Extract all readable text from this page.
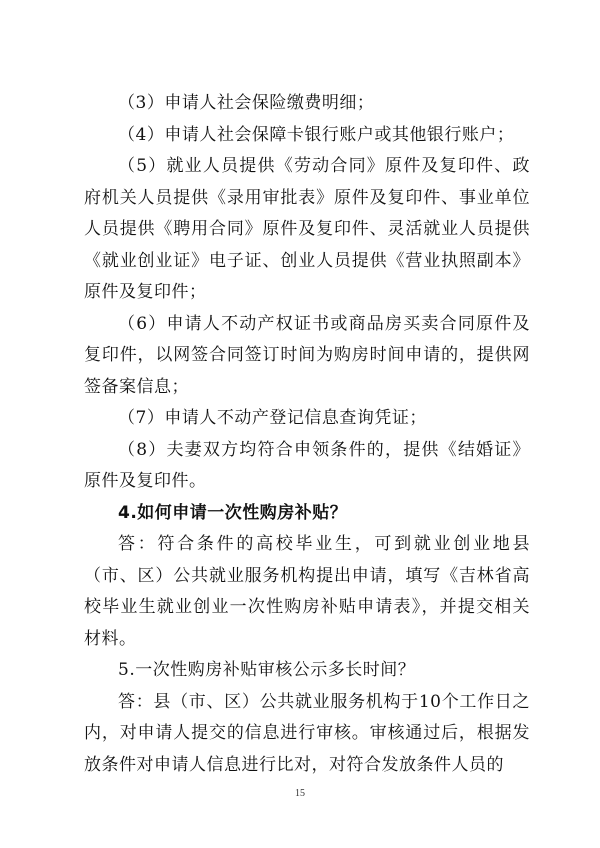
（3）申请人社会保险缴费明细；

（4）申请人社会保障卡银行账户或其他银行账户；

（5）就业人员提供《劳动合同》原件及复印件、政府机关人员提供《录用审批表》原件及复印件、事业单位人员提供《聘用合同》原件及复印件、灵活就业人员提供《就业创业证》电子证、创业人员提供《营业执照副本》原件及复印件；

（6）申请人不动产权证书或商品房买卖合同原件及复印件，以网签合同签订时间为购房时间申请的，提供网签备案信息；

（7）申请人不动产登记信息查询凭证；

（8）夫妻双方均符合申领条件的，提供《结婚证》原件及复印件。

4.如何申请一次性购房补贴？

答：符合条件的高校毕业生，可到就业创业地县（市、区）公共就业服务机构提出申请，填写《吉林省高校毕业生就业创业一次性购房补贴申请表》，并提交相关材料。

5.一次性购房补贴审核公示多长时间？

答：县（市、区）公共就业服务机构于10个工作日之内，对申请人提交的信息进行审核。审核通过后，根据发放条件对申请人信息进行比对，对符合发放条件人员的

15
